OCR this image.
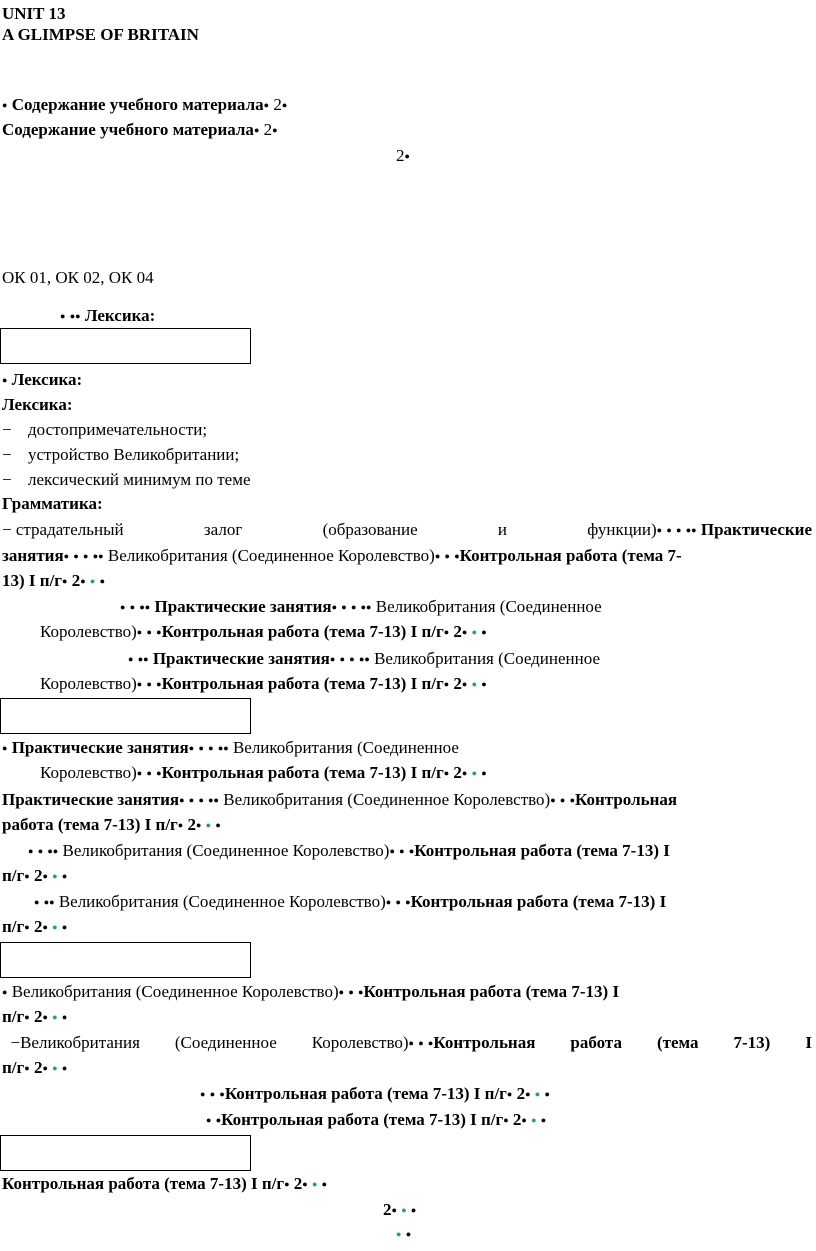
UNIT 13
A GLIMPSE OF BRITAIN
● Содержание учебного материала● 2●
Содержание учебного материала● 2●
2●
ОК 01, ОК 02, ОК 04
● ●● Лексика:
● Лексика:
Лексика:
− достопримечательности;
− устройство Великобритании;
− лексический минимум по теме
Грамматика:
− страдательный	залог	(образование	и	функции)● ● ● ●● Практические
занятия● ● ● ●● Великобритания (Соединенное Королевство)● ● ●Контрольная работа (тема 7-
13) I п/г● 2● ● ●
● ● ●● Практические занятия● ● ● ●● Великобритания (Соединенное
Королевство)● ● ●Контрольная работа (тема 7-13) I п/г● 2● ● ●
● ●● Практические занятия● ● ● ●● Великобритания (Соединенное
Королевство)● ● ●Контрольная работа (тема 7-13) I п/г● 2● ● ●
● Практические занятия● ● ● ●● Великобритания (Соединенное
Королевство)● ● ●Контрольная работа (тема 7-13) I п/г● 2● ● ●
Практические занятия● ● ● ●● Великобритания (Соединенное Королевство)● ● ●Контрольная
работа (тема 7-13) I п/г● 2● ● ●
● ● ●● Великобритания (Соединенное Королевство)● ● ●Контрольная работа (тема 7-13) I
п/г● 2● ● ●
● ●● Великобритания (Соединенное Королевство)● ● ●Контрольная работа (тема 7-13) I
п/г● 2● ● ●
● Великобритания (Соединенное Королевство)● ● ●Контрольная работа (тема 7-13) I
п/г● 2● ● ●
−Великобритания (Соединенное Королевство)● ● ●Контрольная работа (тема 7-13) I
п/г● 2● ● ●
● ● ●Контрольная работа (тема 7-13) I п/г● 2● ● ●
● ●Контрольная работа (тема 7-13) I п/г● 2● ● ●
Контрольная работа (тема 7-13) I п/г● 2● ● ●
2● ● ●
● ●
